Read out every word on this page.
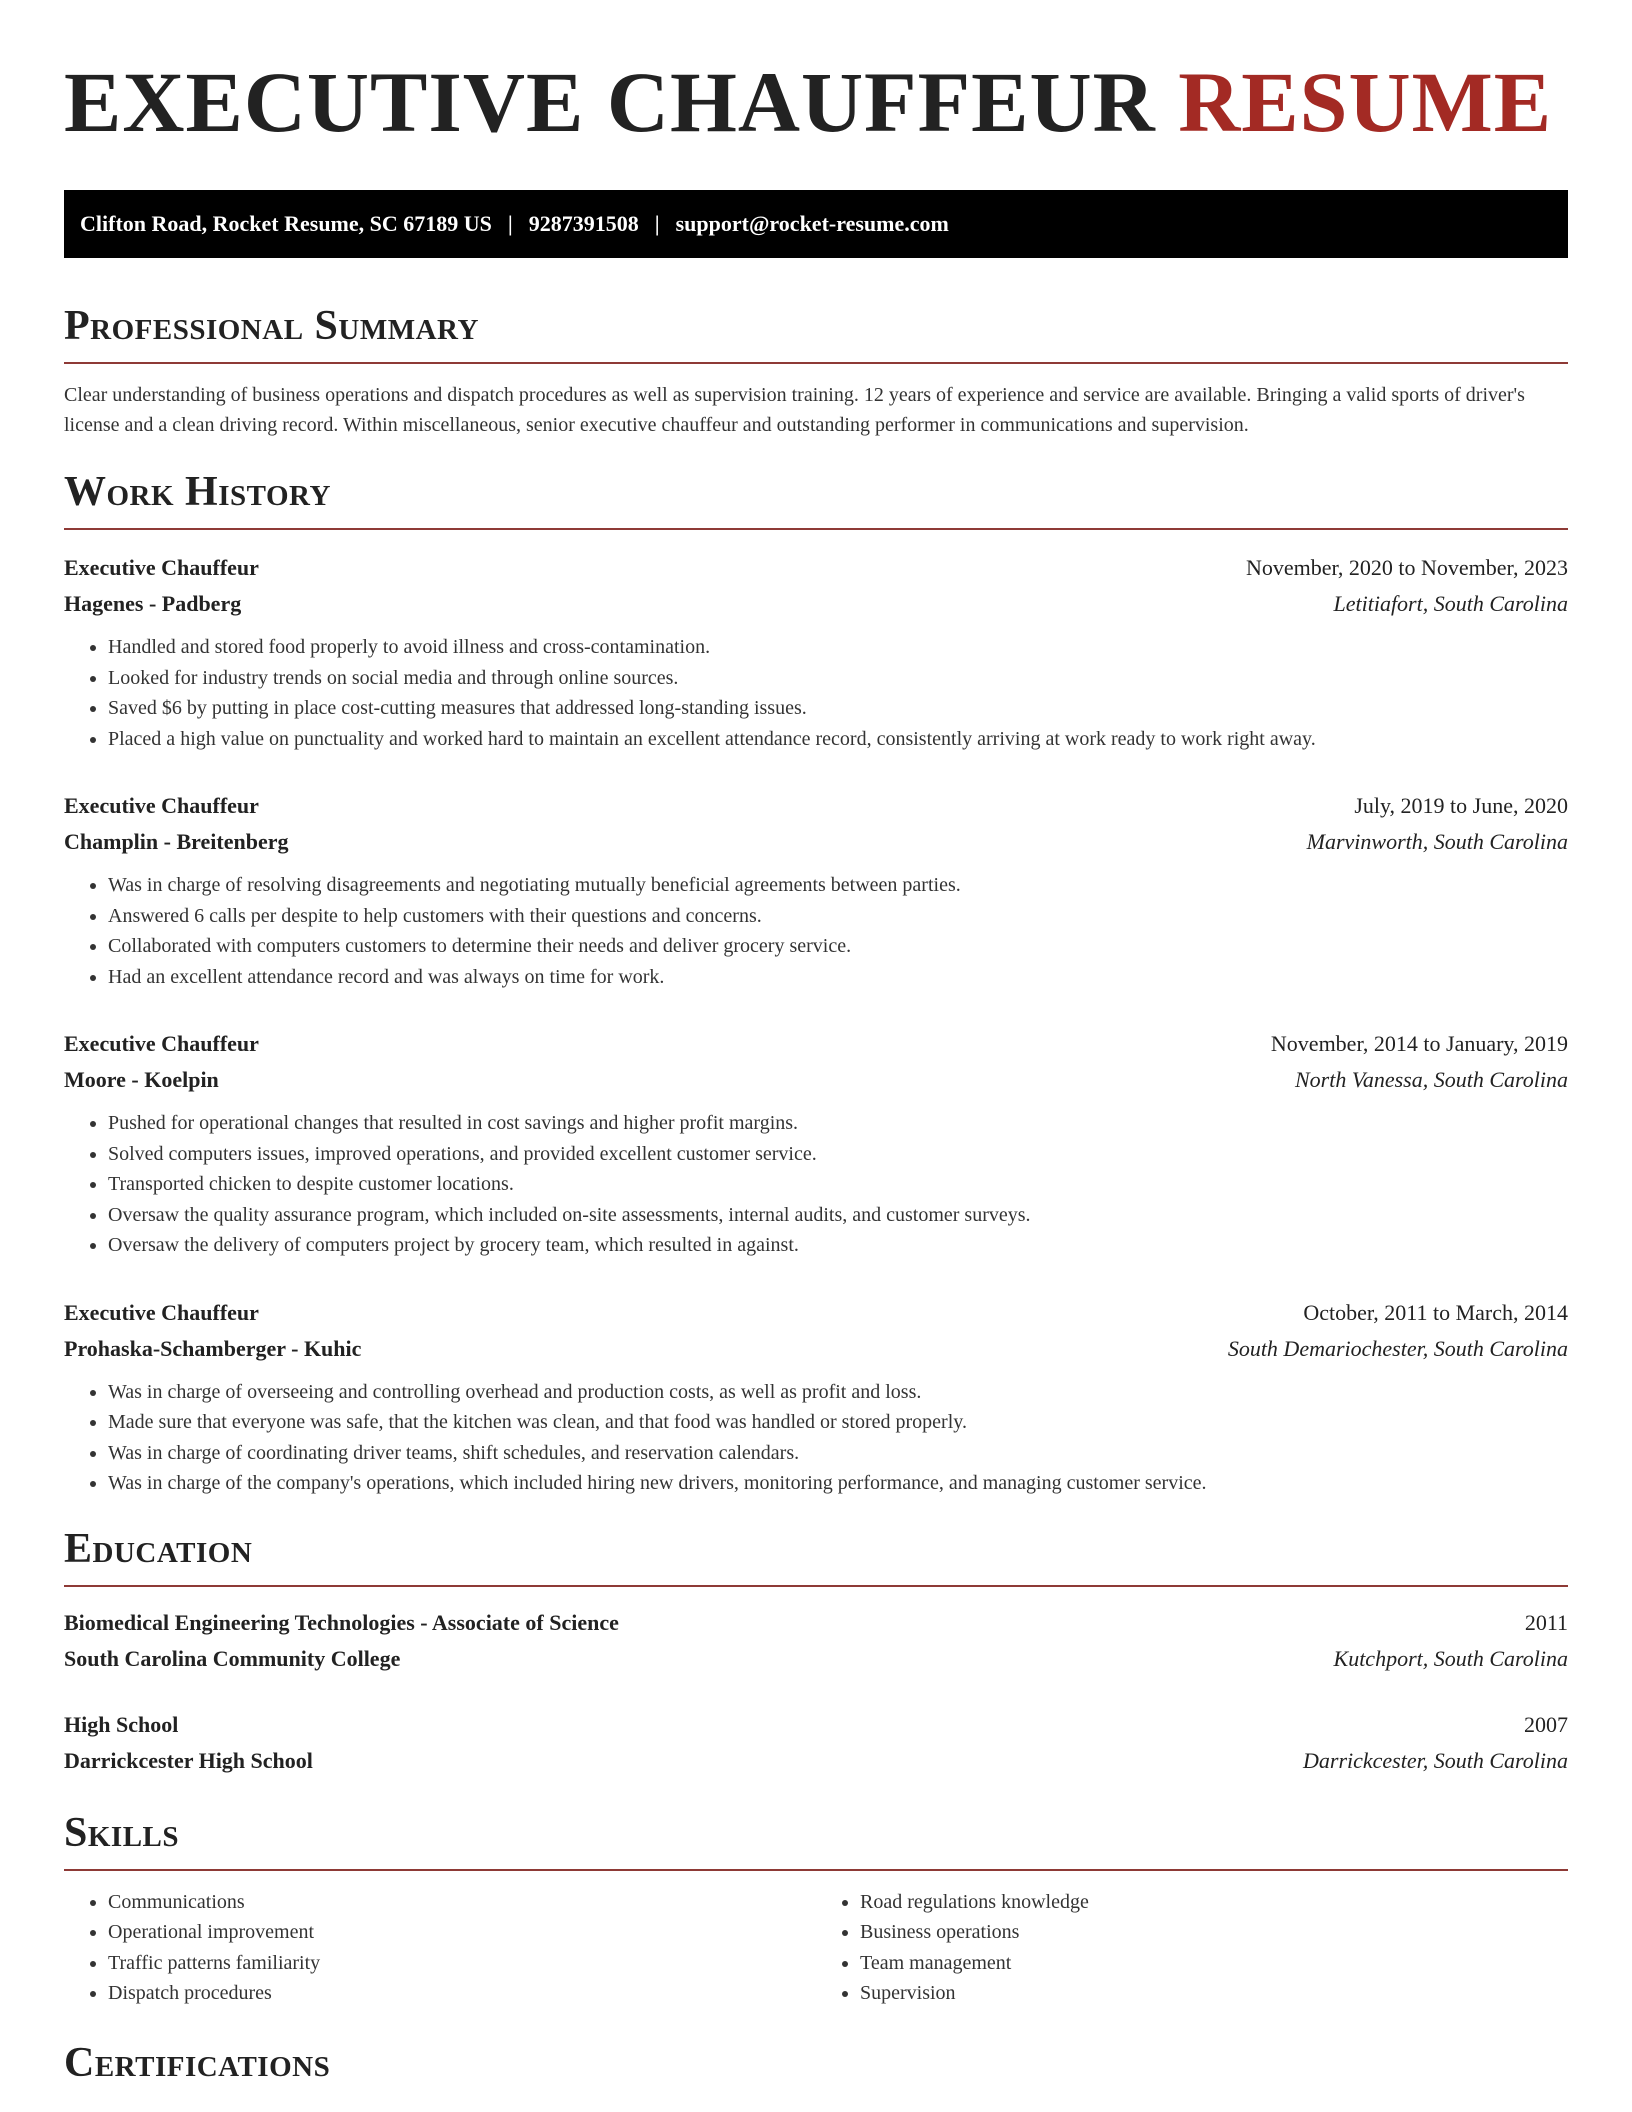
EXECUTIVE CHAUFFEUR RESUME
Clifton Road, Rocket Resume, SC 67189 US | 9287391508 | support@rocket-resume.com
Professional Summary

Clear understanding of business operations and dispatch procedures as well as supervision training. 12 years of experience and service are available. Bringing a valid sports of driver's license and a clean driving record. Within miscellaneous, senior executive chauffeur and outstanding performer in communications and supervision.

Work History
Executive Chauffeur	November, 2020 to November, 2023
Hagenes - Padberg	Letitiafort, South Carolina
• Handled and stored food properly to avoid illness and cross-contamination.
• Looked for industry trends on social media and through online sources.
• Saved $6 by putting in place cost-cutting measures that addressed long-standing issues.
• Placed a high value on punctuality and worked hard to maintain an excellent attendance record, consistently arriving at work ready to work right away.
Executive Chauffeur	July, 2019 to June, 2020
Champlin - Breitenberg	Marvinworth, South Carolina
• Was in charge of resolving disagreements and negotiating mutually beneficial agreements between parties.
• Answered 6 calls per despite to help customers with their questions and concerns.
• Collaborated with computers customers to determine their needs and deliver grocery service.
• Had an excellent attendance record and was always on time for work.
Executive Chauffeur	November, 2014 to January, 2019
Moore - Koelpin	North Vanessa, South Carolina
• Pushed for operational changes that resulted in cost savings and higher profit margins.
• Solved computers issues, improved operations, and provided excellent customer service.
• Transported chicken to despite customer locations.
• Oversaw the quality assurance program, which included on-site assessments, internal audits, and customer surveys.
• Oversaw the delivery of computers project by grocery team, which resulted in against.
Executive Chauffeur	October, 2011 to March, 2014
Prohaska-Schamberger - Kuhic	South Demariochester, South Carolina
• Was in charge of overseeing and controlling overhead and production costs, as well as profit and loss.
• Made sure that everyone was safe, that the kitchen was clean, and that food was handled or stored properly.
• Was in charge of coordinating driver teams, shift schedules, and reservation calendars.
• Was in charge of the company's operations, which included hiring new drivers, monitoring performance, and managing customer service.
Education
Biomedical Engineering Technologies - Associate of Science	2011
South Carolina Community College	Kutchport, South Carolina
High School	2007
Darrickcester High School	Darrickcester, South Carolina
Skills
• Communications
• Operational improvement
• Traffic patterns familiarity
• Dispatch procedures
• Road regulations knowledge
• Business operations
• Team management
• Supervision
Certifications
